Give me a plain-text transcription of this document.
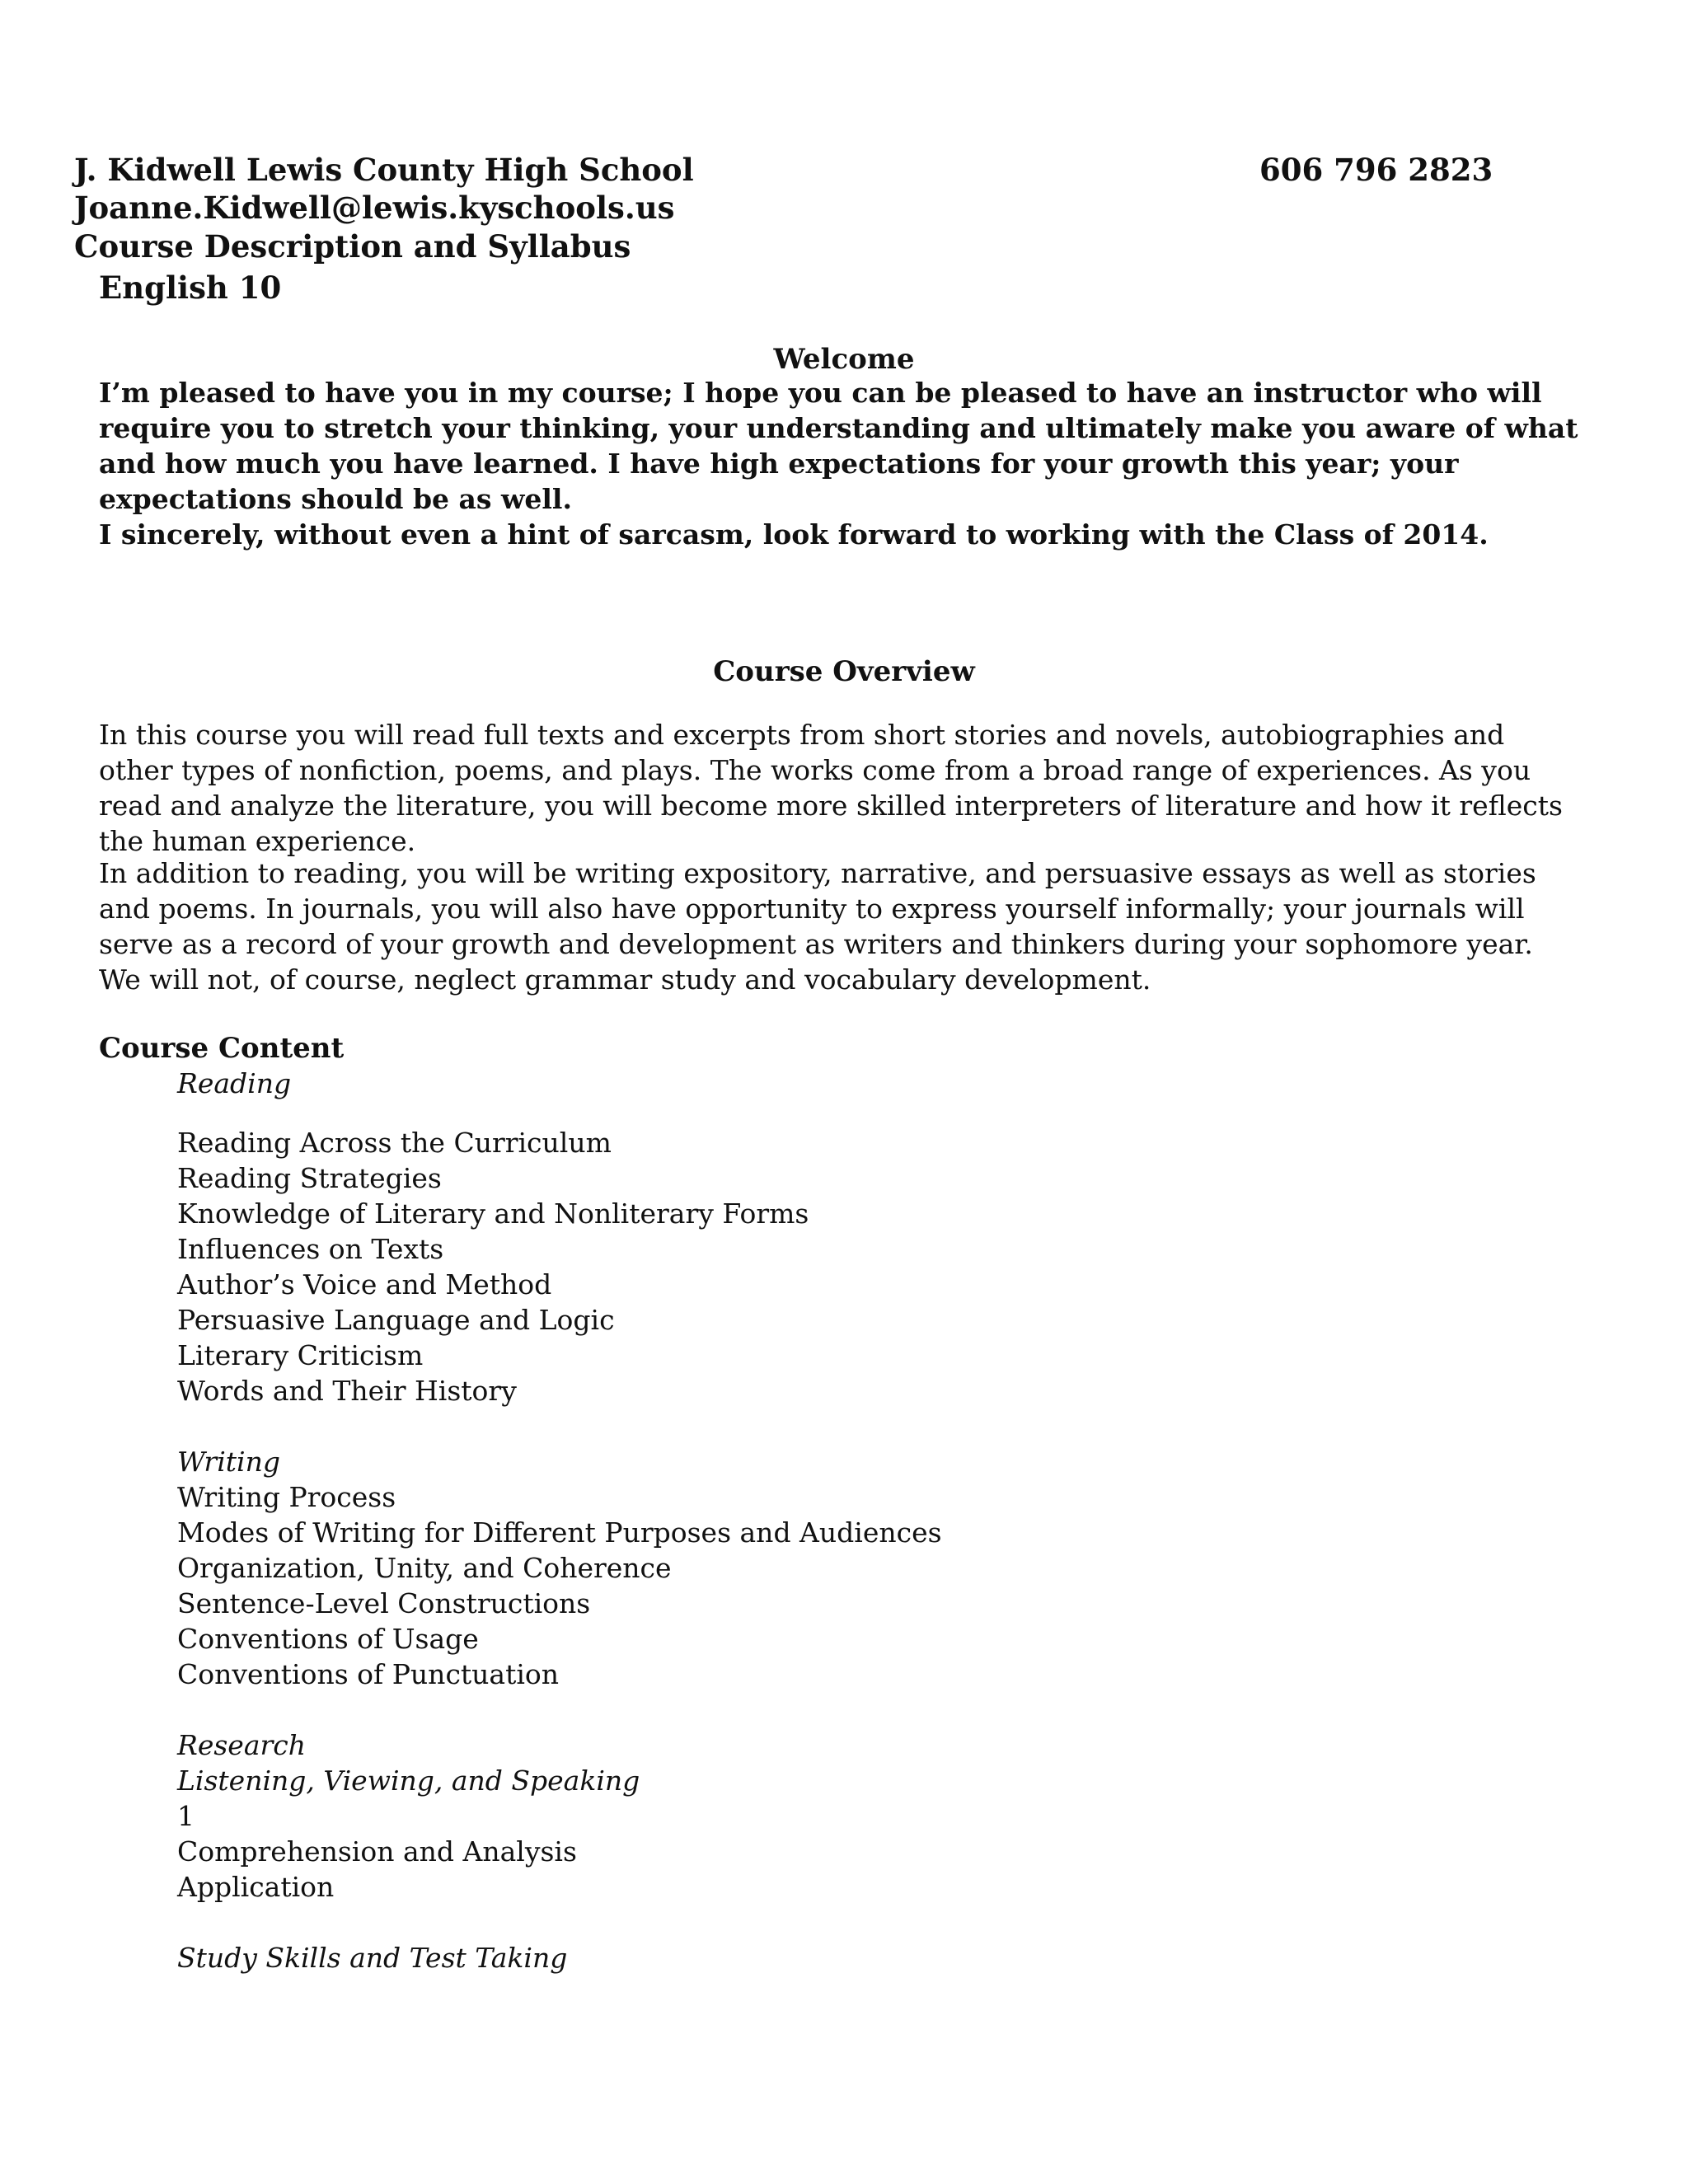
J. Kidwell Lewis County High School	606 796 2823
Joanne.Kidwell@lewis.kyschools.us
Course Description and Syllabus
English 10
Welcome
I’m pleased to have you in my course; I hope you can be pleased to have an instructor who will require you to stretch your thinking, your understanding and ultimately make you aware of what and how much you have learned. I have high expectations for your growth this year; your expectations should be as well.
I sincerely, without even a hint of sarcasm, look forward to working with the Class of 2014.
Course Overview
In this course you will read full texts and excerpts from short stories and novels, autobiographies and other types of nonfiction, poems, and plays. The works come from a broad range of experiences. As you read and analyze the literature, you will become more skilled interpreters of literature and how it reflects the human experience.
In addition to reading, you will be writing expository, narrative, and persuasive essays as well as stories and poems. In journals, you will also have opportunity to express yourself informally; your journals will serve as a record of your growth and development as writers and thinkers during your sophomore year. We will not, of course, neglect grammar study and vocabulary development.
Course Content
Reading
Reading Across the Curriculum
Reading Strategies
Knowledge of Literary and Nonliterary Forms
Influences on Texts
Author’s Voice and Method
Persuasive Language and Logic
Literary Criticism
Words and Their History
Writing
Writing Process
Modes of Writing for Different Purposes and Audiences
Organization, Unity, and Coherence
Sentence-Level Constructions
Conventions of Usage
Conventions of Punctuation
Research
Listening, Viewing, and Speaking
1
Comprehension and Analysis
Application
Study Skills and Test Taking
